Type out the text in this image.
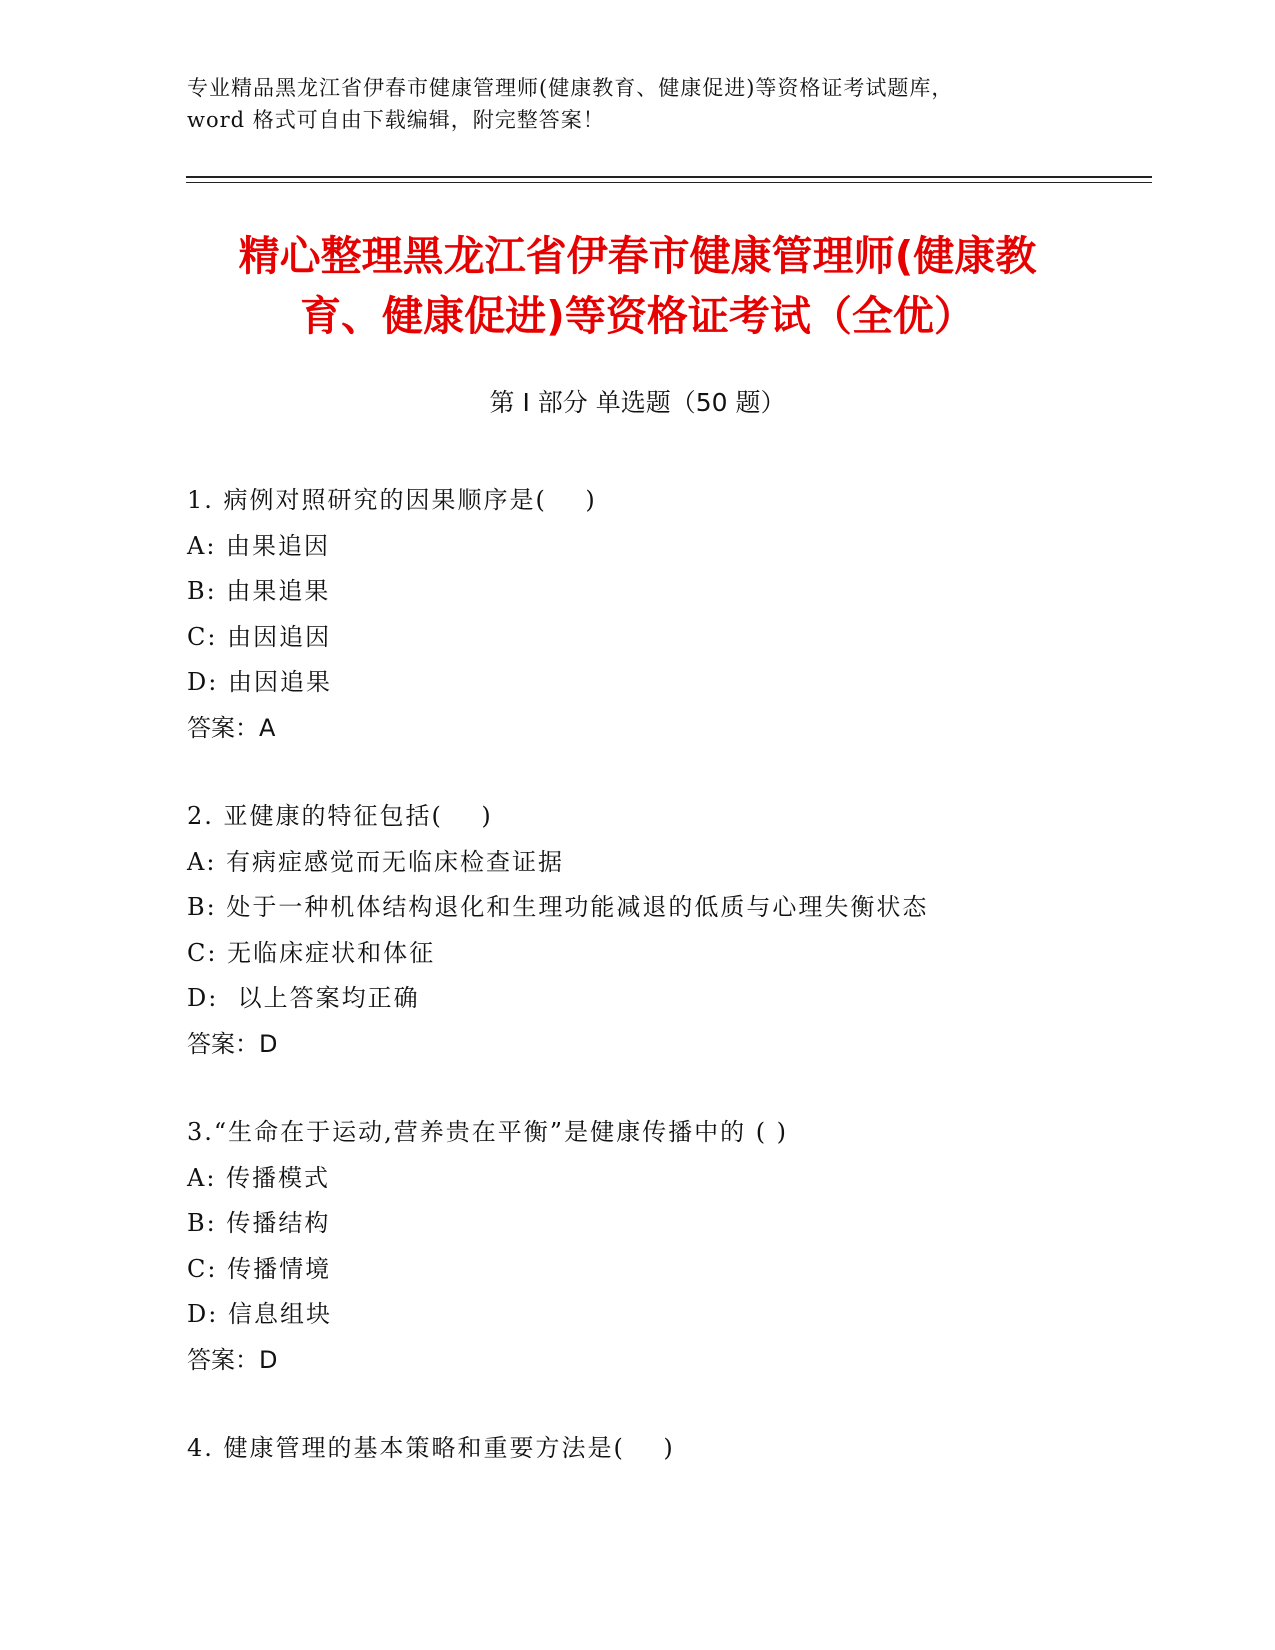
专业精品黑龙江省伊春市健康管理师(健康教育、健康促进)等资格证考试题库，
word 格式可自由下载编辑，附完整答案！
精心整理黑龙江省伊春市健康管理师(健康教
育、健康促进)等资格证考试（全优）
第 I 部分 单选题（50 题）
1. 病例对照研究的因果顺序是(    )
A: 由果追因
B: 由果追果
C: 由因追因
D: 由因追果
答案：A
2. 亚健康的特征包括(    )
A: 有病症感觉而无临床检查证据
B: 处于一种机体结构退化和生理功能减退的低质与心理失衡状态
C: 无临床症状和体征
D:  以上答案均正确
答案：D
3.“生命在于运动,营养贵在平衡”是健康传播中的 ( )
A: 传播模式
B: 传播结构
C: 传播情境
D: 信息组块
答案：D
4. 健康管理的基本策略和重要方法是(    )
